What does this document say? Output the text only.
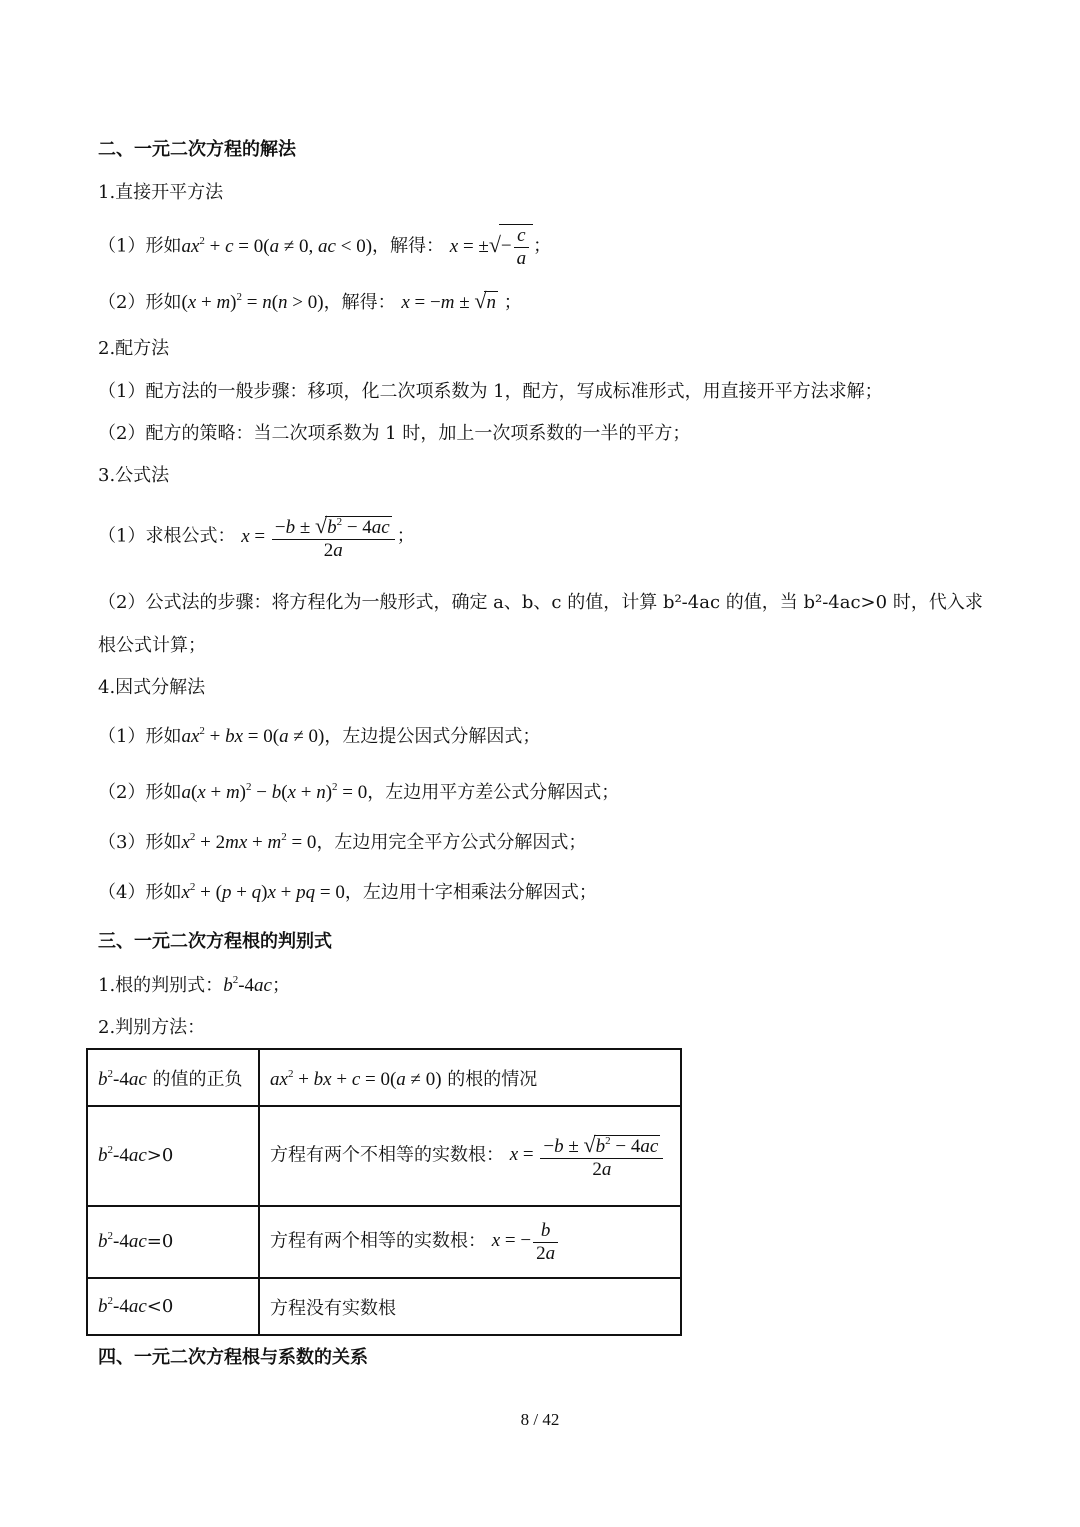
二、一元二次方程的解法
1.直接开平方法
（1）形如$ax^2 + c = 0(a \ne 0$, ac < 0)，解得： x = ±√− $\frac{c}{a}$ ；
（2）形如$(x + m)^2 = n(n > 0)$，解得： x = −m ± √n ；
2.配方法
（1）配方法的一般步骤：移项，化二次项系数为 1，配方，写成标准形式，用直接开平方法求解；
（2）配方的策略：当二次项系数为 1 时，加上一次项系数的一半的平方；
3.公式法
（1）求根公式： $x = \frac{-b \pm √b^2 - 4ac}{2a}$ ；
（2）公式法的步骤：将方程化为一般形式，确定 a、b、c 的值，计算 b²-4ac 的值，当 b²-4ac>0 时，代入求
根公式计算；
4.因式分解法
（1）形如$ax^2$ + bx = 0(a ≠ 0)，左边提公因式分解因式；
（2）形如$a(x + m)^2 - b(x + n)^2 = 0$，左边用平方差公式分解因式；
（3）形如$x^2 + 2mx + m^2 = 0$，左边用完全平方公式分解因式；
（4）形如$x^2 + (p + q)x$ + pq = 0，左边用十字相乘法分解因式；
三、一元二次方程根的判别式
1.根的判别式：$b^2-4ac$；
2.判别方法：
$b^2-4ac$ 的值的正负	$ax^2$ + bx + c = 0(a ≠ 0) 的根的情况
$b^2-4ac>0$	方程有两个不相等的实数根： $x = \frac{-b \pm √b^2 - 4ac}{2a}$

$b^2-4ac=0$	方程有两个相等的实数根： x = − $\frac{b}{2a}$

$b^2-4ac<0$	方程没有实数根
四、一元二次方程根与系数的关系
8 / 42
